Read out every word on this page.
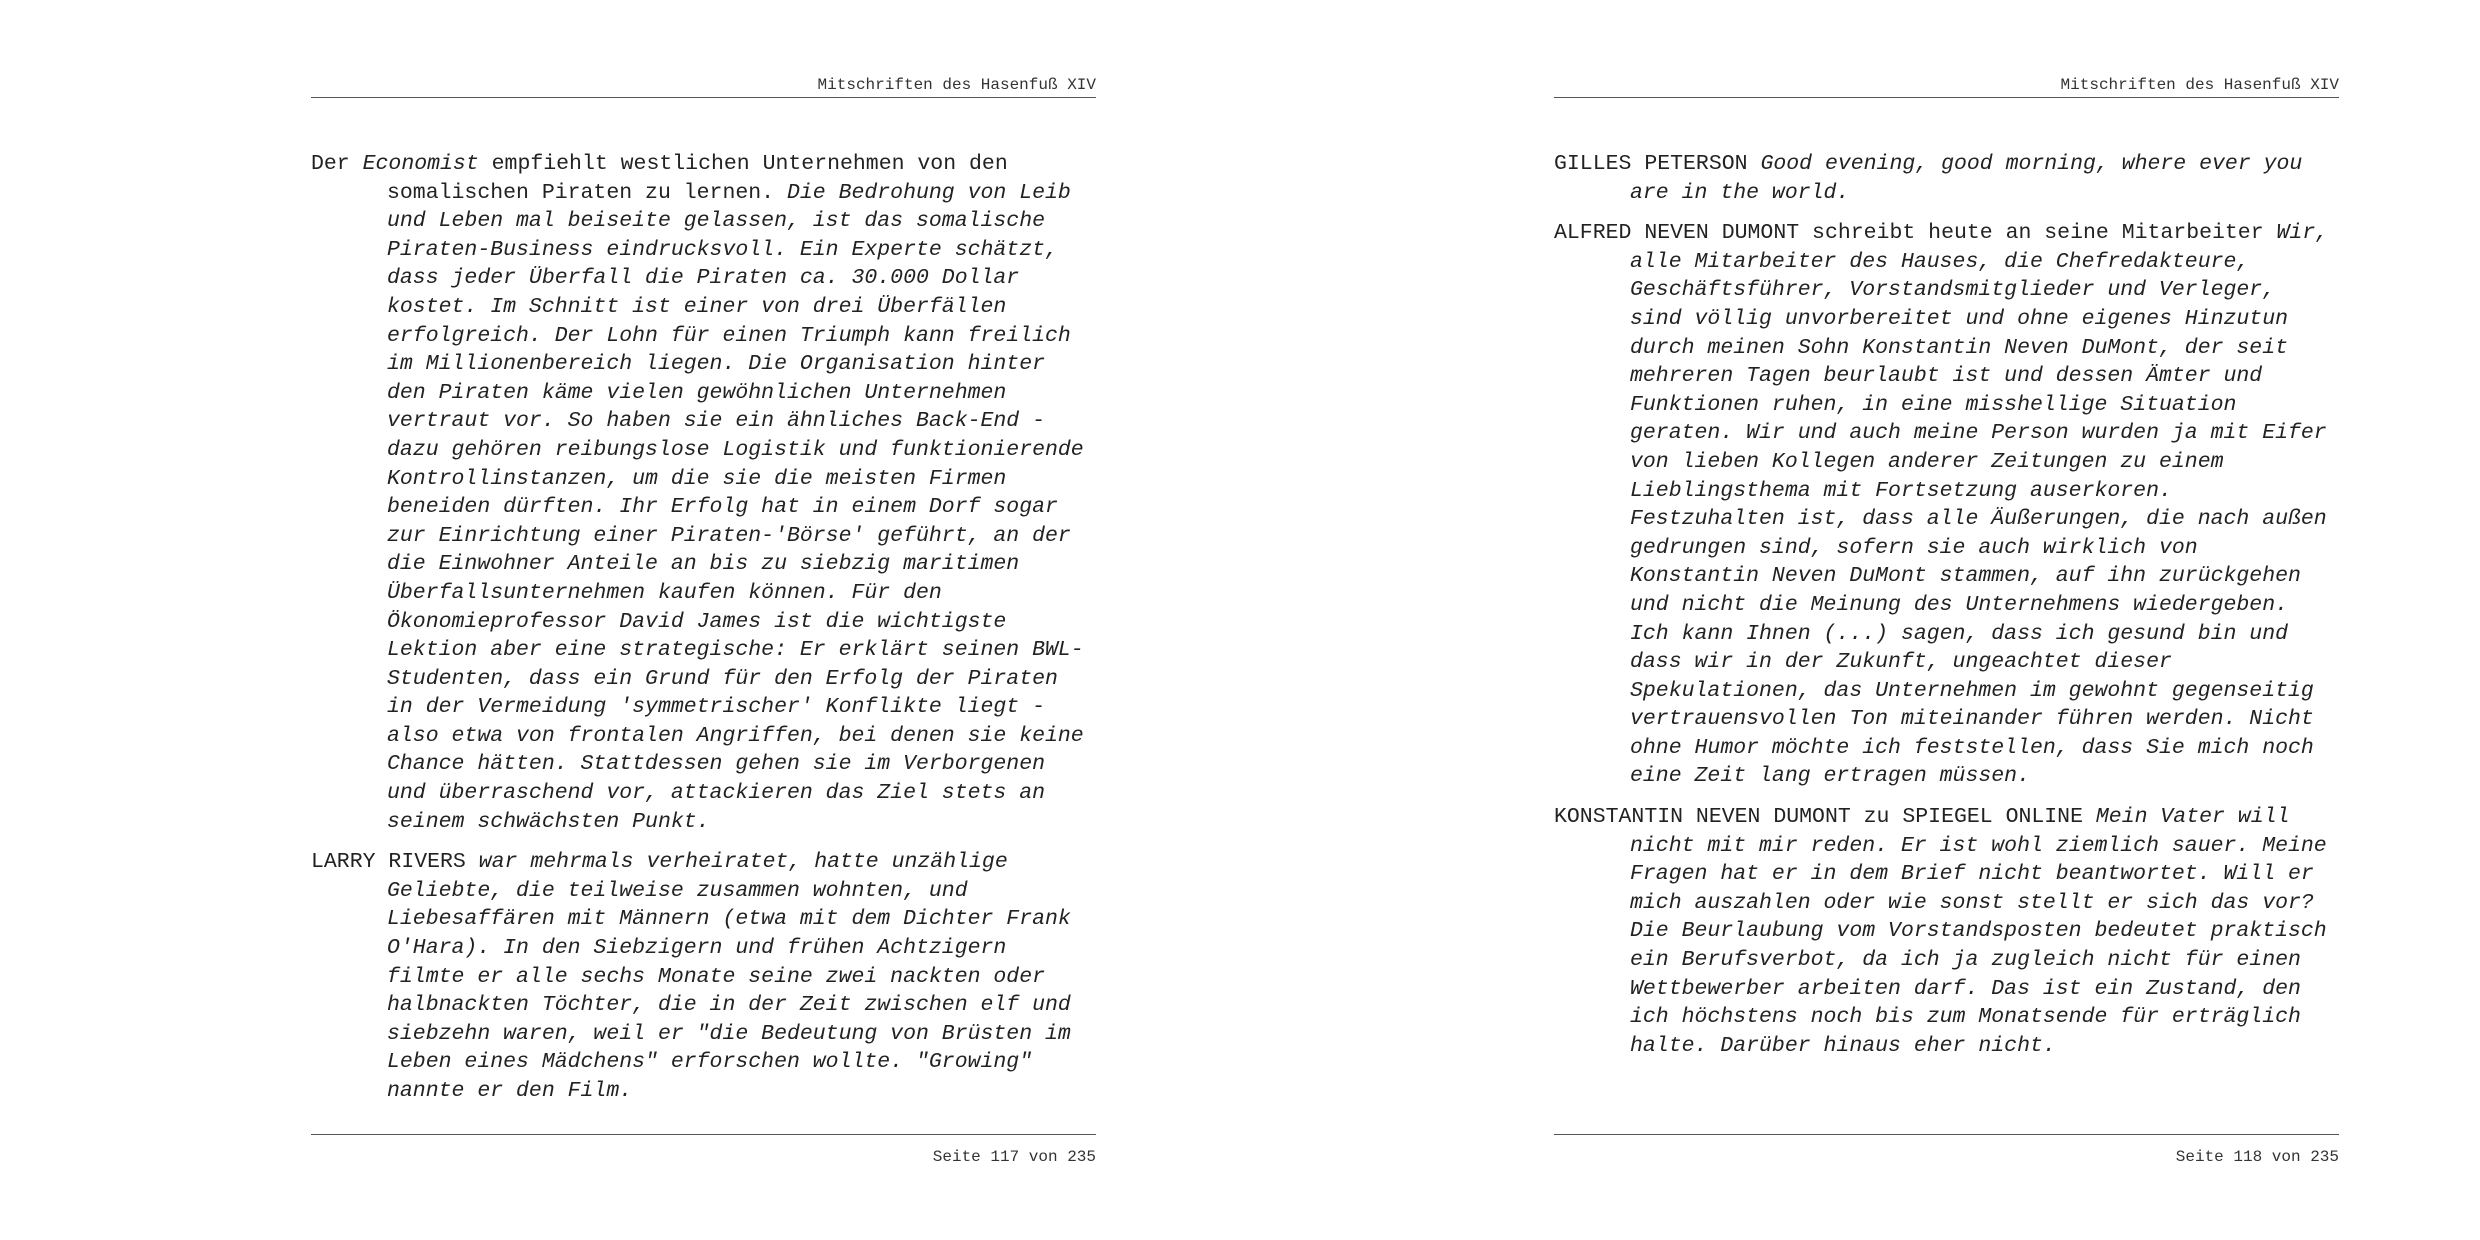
Mitschriften des Hasenfuß XIV

Der Economist empfiehlt westlichen Unternehmen von den somalischen Piraten zu lernen. Die Bedrohung von Leib und Leben mal beiseite gelassen, ist das somalische Piraten-Business eindrucksvoll. Ein Experte schätzt, dass jeder Überfall die Piraten ca. 30.000 Dollar kostet. Im Schnitt ist einer von drei Überfällen erfolgreich. Der Lohn für einen Triumph kann freilich im Millionenbereich liegen. Die Organisation hinter den Piraten käme vielen gewöhnlichen Unternehmen vertraut vor. So haben sie ein ähnliches Back-End - dazu gehören reibungslose Logistik und funktionierende Kontrollinstanzen, um die sie die meisten Firmen beneiden dürften. Ihr Erfolg hat in einem Dorf sogar zur Einrichtung einer Piraten-'Börse' geführt, an der die Einwohner Anteile an bis zu siebzig maritimen Überfallsunternehmen kaufen können. Für den Ökonomieprofessor David James ist die wichtigste Lektion aber eine strategische: Er erklärt seinen BWL-Studenten, dass ein Grund für den Erfolg der Piraten in der Vermeidung 'symmetrischer' Konflikte liegt - also etwa von frontalen Angriffen, bei denen sie keine Chance hätten. Stattdessen gehen sie im Verborgenen und überraschend vor, attackieren das Ziel stets an seinem schwächsten Punkt.

LARRY RIVERS war mehrmals verheiratet, hatte unzählige Geliebte, die teilweise zusammen wohnten, und Liebesaffären mit Männern (etwa mit dem Dichter Frank O'Hara). In den Siebzigern und frühen Achtzigern filmte er alle sechs Monate seine zwei nackten oder halbnackten Töchter, die in der Zeit zwischen elf und siebzehn waren, weil er "die Bedeutung von Brüsten im Leben eines Mädchens" erforschen wollte. "Growing" nannte er den Film.

Seite 117 von 235
Mitschriften des Hasenfuß XIV

GILLES PETERSON Good evening, good morning, where ever you are in the world.

ALFRED NEVEN DUMONT schreibt heute an seine Mitarbeiter Wir, alle Mitarbeiter des Hauses, die Chefredakteure, Geschäftsführer, Vorstandsmitglieder und Verleger, sind völlig unvorbereitet und ohne eigenes Hinzutun durch meinen Sohn Konstantin Neven DuMont, der seit mehreren Tagen beurlaubt ist und dessen Ämter und Funktionen ruhen, in eine misshellige Situation geraten. Wir und auch meine Person wurden ja mit Eifer von lieben Kollegen anderer Zeitungen zu einem Lieblingsthema mit Fortsetzung auserkoren. Festzuhalten ist, dass alle Äußerungen, die nach außen gedrungen sind, sofern sie auch wirklich von Konstantin Neven DuMont stammen, auf ihn zurückgehen und nicht die Meinung des Unternehmens wiedergeben. Ich kann Ihnen (...) sagen, dass ich gesund bin und dass wir in der Zukunft, ungeachtet dieser Spekulationen, das Unternehmen im gewohnt gegenseitig vertrauensvollen Ton miteinander führen werden. Nicht ohne Humor möchte ich feststellen, dass Sie mich noch eine Zeit lang ertragen müssen.

KONSTANTIN NEVEN DUMONT zu SPIEGEL ONLINE Mein Vater will nicht mit mir reden. Er ist wohl ziemlich sauer. Meine Fragen hat er in dem Brief nicht beantwortet. Will er mich auszahlen oder wie sonst stellt er sich das vor? Die Beurlaubung vom Vorstandsposten bedeutet praktisch ein Berufsverbot, da ich ja zugleich nicht für einen Wettbewerber arbeiten darf. Das ist ein Zustand, den ich höchstens noch bis zum Monatsende für erträglich halte. Darüber hinaus eher nicht.

Seite 118 von 235
